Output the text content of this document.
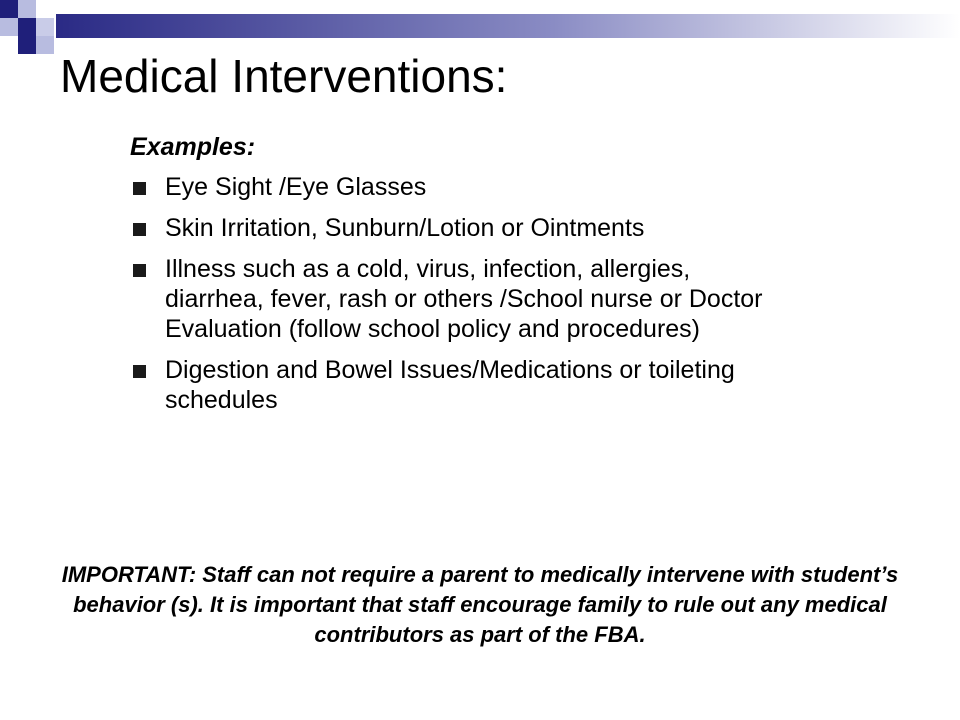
Medical Interventions:
Examples:
Eye Sight /Eye Glasses
Skin Irritation, Sunburn/Lotion or Ointments
Illness such as a cold, virus, infection, allergies, diarrhea, fever, rash or others /School nurse or Doctor Evaluation (follow school policy and procedures)
Digestion and Bowel Issues/Medications or toileting schedules

IMPORTANT: Staff can not require a parent to medically intervene with student’s behavior (s). It is important that staff encourage family to rule out any medical contributors as part of the FBA.
